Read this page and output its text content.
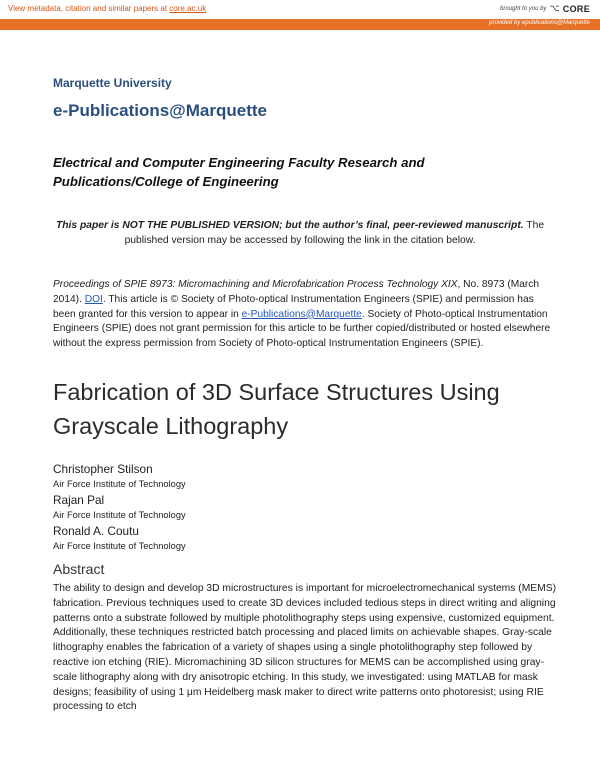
View metadata, citation and similar papers at core.ac.uk	brought to you by ⌥ CORE
provided by epublications@Marquette
Marquette University
e-Publications@Marquette
Electrical and Computer Engineering Faculty Research and Publications/College of Engineering
This paper is NOT THE PUBLISHED VERSION; but the author’s final, peer-reviewed manuscript. The published version may be accessed by following the link in the citation below.
Proceedings of SPIE 8973: Micromachining and Microfabrication Process Technology XIX, No. 8973 (March 2014). DOI. This article is © Society of Photo-optical Instrumentation Engineers (SPIE) and permission has been granted for this version to appear in e-Publications@Marquette. Society of Photo-optical Instrumentation Engineers (SPIE) does not grant permission for this article to be further copied/distributed or hosted elsewhere without the express permission from Society of Photo-optical Instrumentation Engineers (SPIE).
Fabrication of 3D Surface Structures Using Grayscale Lithography
Christopher Stilson
Air Force Institute of Technology
Rajan Pal
Air Force Institute of Technology
Ronald A. Coutu
Air Force Institute of Technology
Abstract
The ability to design and develop 3D microstructures is important for microelectromechanical systems (MEMS) fabrication. Previous techniques used to create 3D devices included tedious steps in direct writing and aligning patterns onto a substrate followed by multiple photolithography steps using expensive, customized equipment. Additionally, these techniques restricted batch processing and placed limits on achievable shapes. Gray-scale lithography enables the fabrication of a variety of shapes using a single photolithography step followed by reactive ion etching (RIE). Micromachining 3D silicon structures for MEMS can be accomplished using gray-scale lithography along with dry anisotropic etching. In this study, we investigated: using MATLAB for mask designs; feasibility of using 1 μm Heidelberg mask maker to direct write patterns onto photoresist; using RIE processing to etch
